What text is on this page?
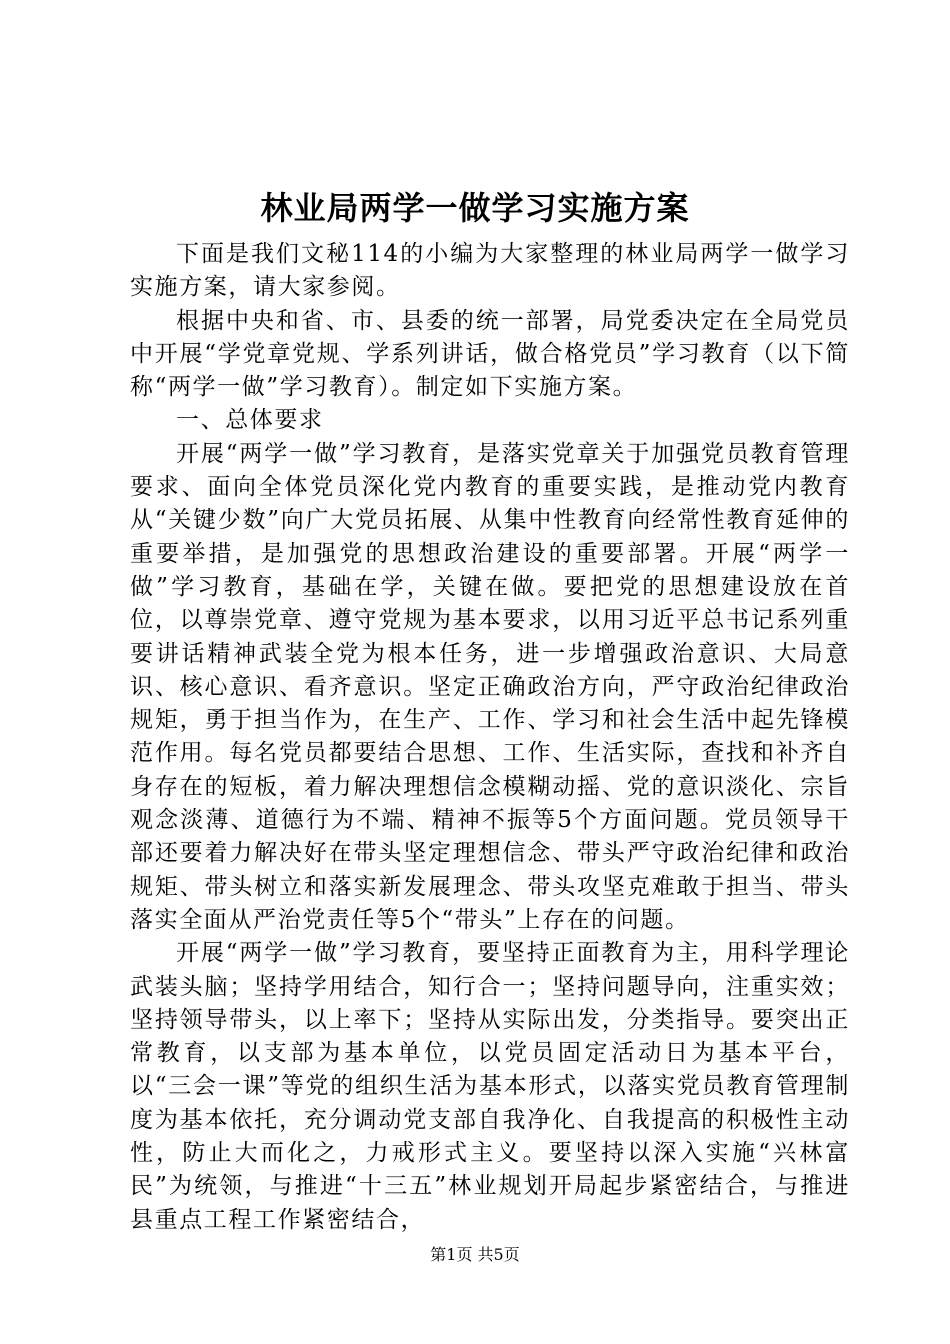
林业局两学一做学习实施方案

下面是我们文秘114的小编为大家整理的林业局两学一做学习实施方案，请大家参阅。

根据中央和省、市、县委的统一部署，局党委决定在全局党员中开展“学党章党规、学系列讲话，做合格党员”学习教育（以下简称“两学一做”学习教育）。制定如下实施方案。

一、总体要求

开展“两学一做”学习教育，是落实党章关于加强党员教育管理要求、面向全体党员深化党内教育的重要实践，是推动党内教育从“关键少数”向广大党员拓展、从集中性教育向经常性教育延伸的重要举措，是加强党的思想政治建设的重要部署。开展“两学一做”学习教育，基础在学，关键在做。要把党的思想建设放在首位，以尊崇党章、遵守党规为基本要求，以用习近平总书记系列重要讲话精神武装全党为根本任务，进一步增强政治意识、大局意识、核心意识、看齐意识。坚定正确政治方向，严守政治纪律政治规矩，勇于担当作为，在生产、工作、学习和社会生活中起先锋模范作用。每名党员都要结合思想、工作、生活实际，查找和补齐自身存在的短板，着力解决理想信念模糊动摇、党的意识淡化、宗旨观念淡薄、道德行为不端、精神不振等5个方面问题。党员领导干部还要着力解决好在带头坚定理想信念、带头严守政治纪律和政治规矩、带头树立和落实新发展理念、带头攻坚克难敢于担当、带头落实全面从严治党责任等5个“带头”上存在的问题。

开展“两学一做”学习教育，要坚持正面教育为主，用科学理论武装头脑；坚持学用结合，知行合一；坚持问题导向，注重实效；坚持领导带头，以上率下；坚持从实际出发，分类指导。要突出正常教育，以支部为基本单位，以党员固定活动日为基本平台，以“三会一课”等党的组织生活为基本形式，以落实党员教育管理制度为基本依托，充分调动党支部自我净化、自我提高的积极性主动性，防止大而化之，力戒形式主义。要坚持以深入实施“兴林富民”为统领，与推进“十三五”林业规划开局起步紧密结合，与推进县重点工程工作紧密结合，

第1页 共5页
